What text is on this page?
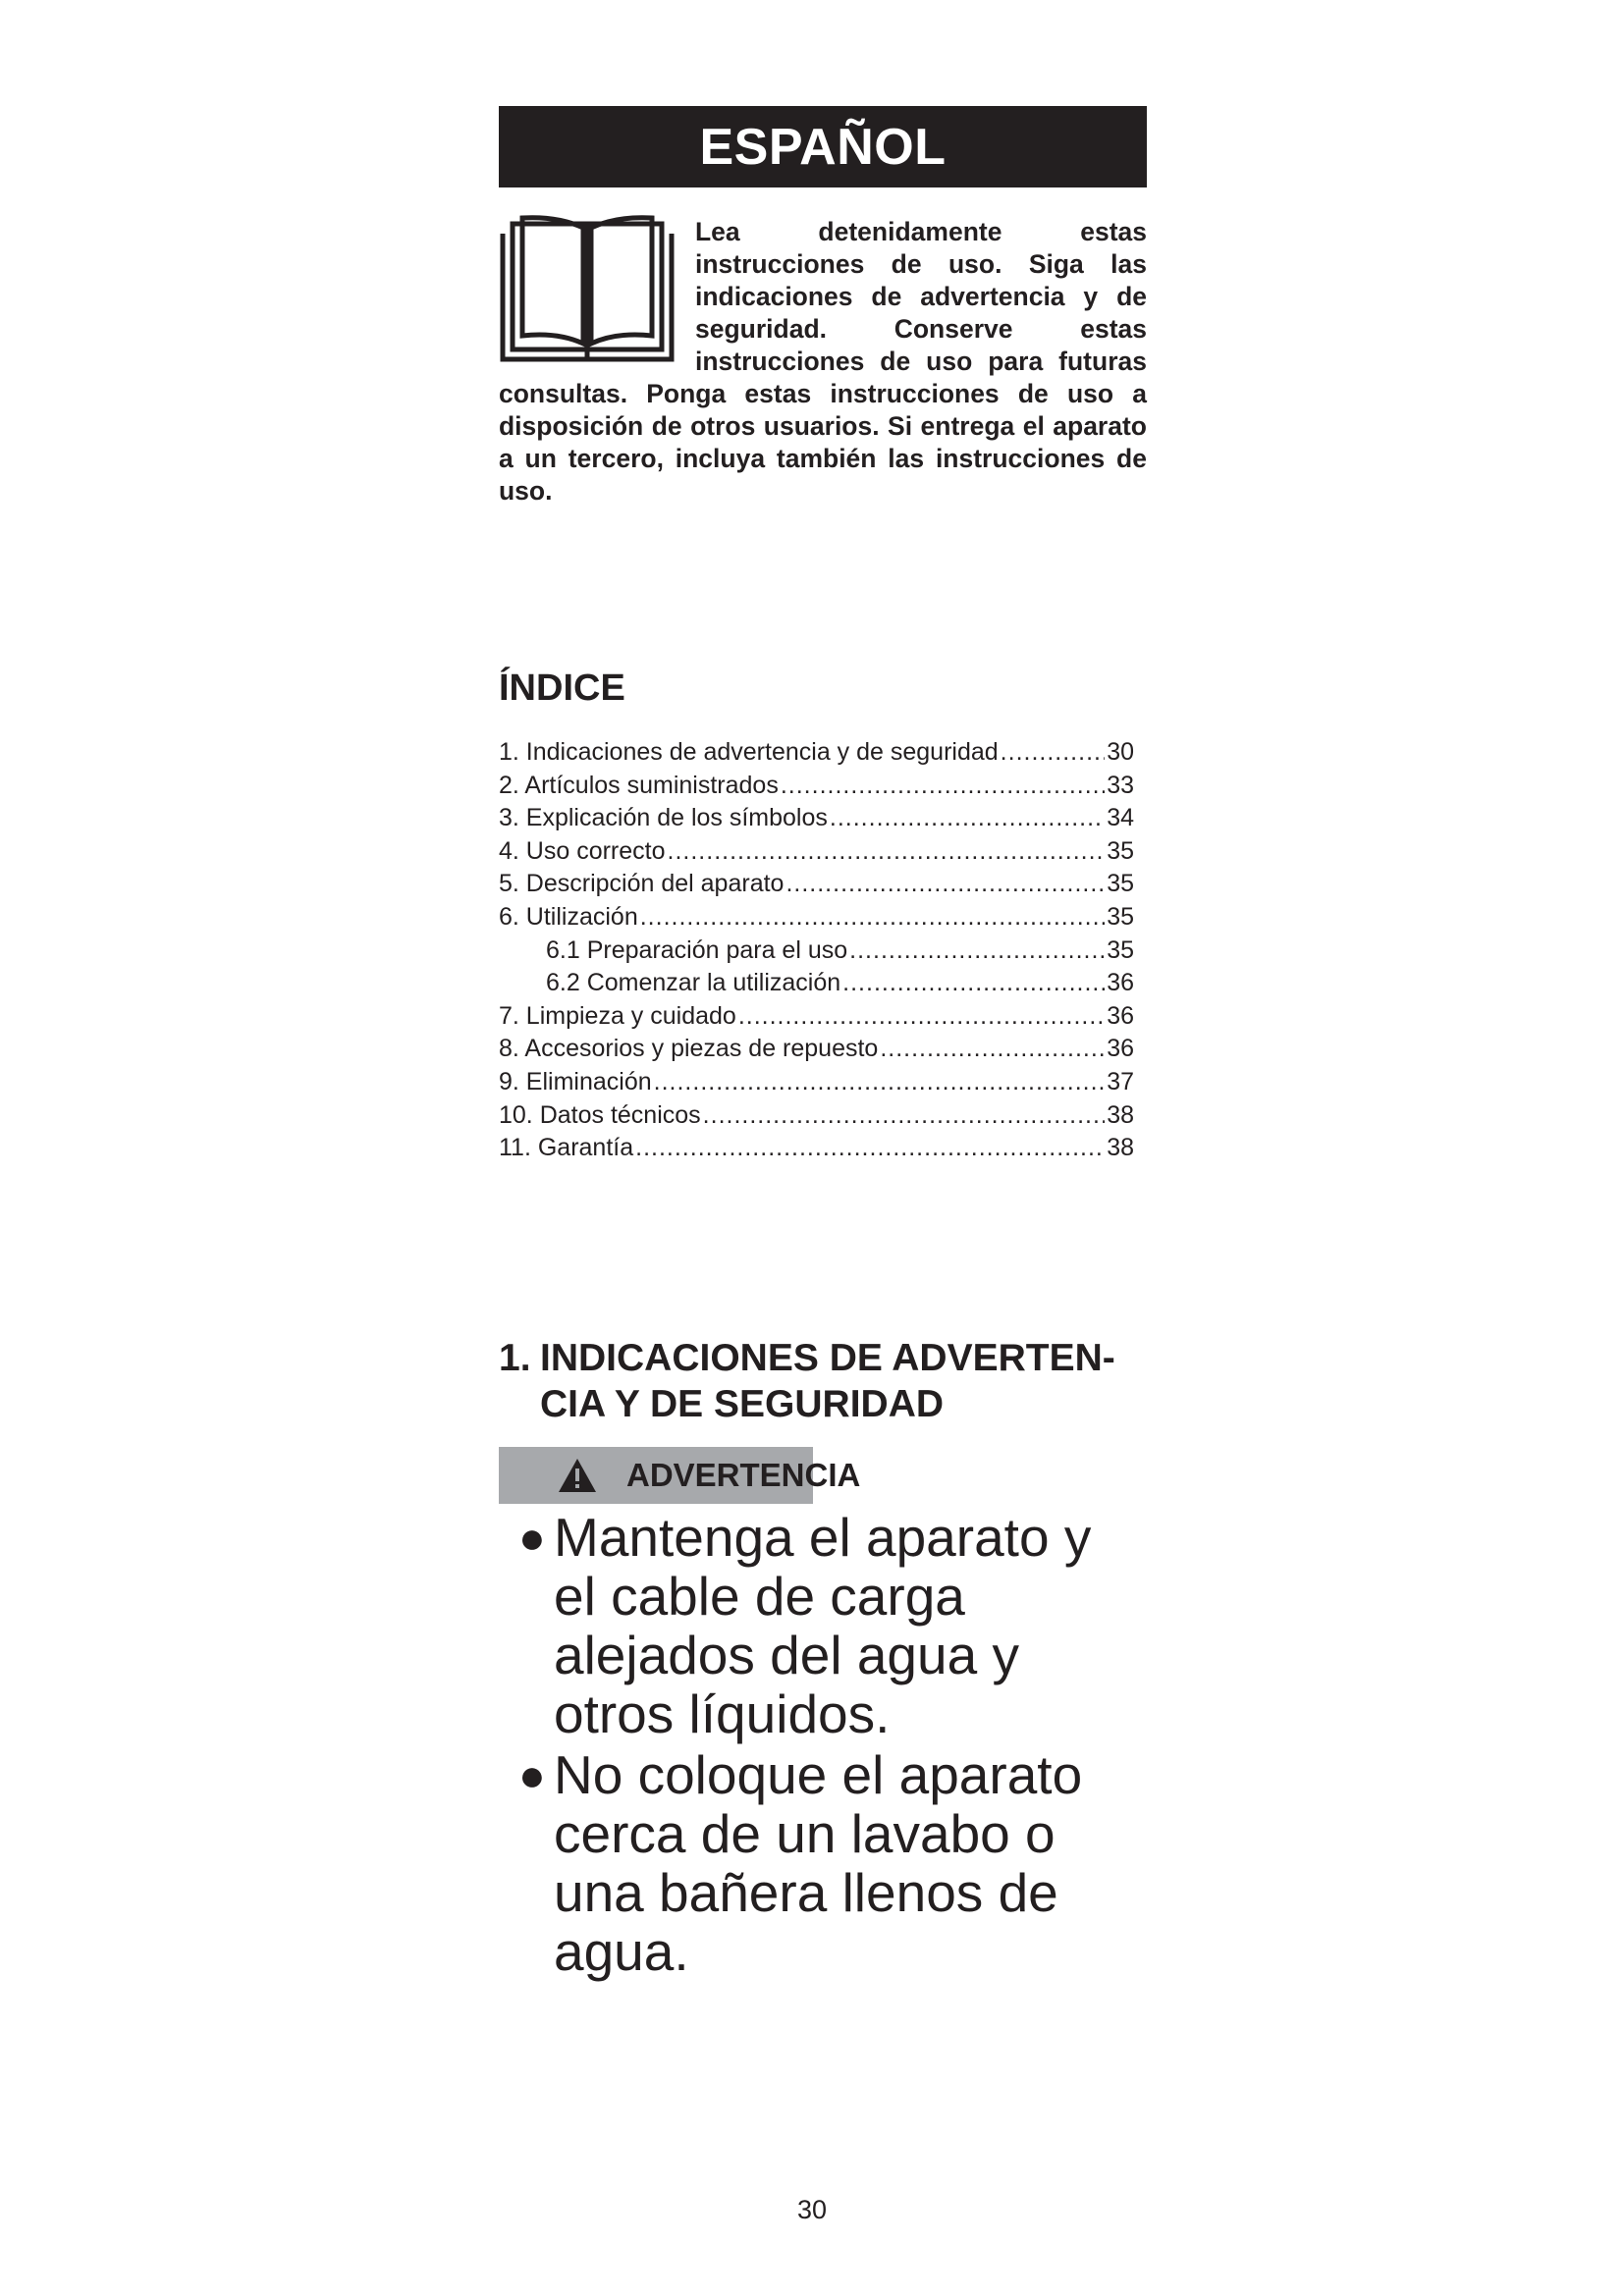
ESPAÑOL

Lea detenidamente estas instrucciones de uso. Siga las indicaciones de advertencia y de seguridad. Conserve estas instrucciones de uso para futuras consultas. Ponga estas instrucciones de uso a disposición de otros usuarios. Si entrega el aparato a un tercero, incluya también las instrucciones de uso.

ÍNDICE
1. Indicaciones de advertencia y de seguridad .....	30
2. Artículos suministrados .....	33
3. Explicación de los símbolos .....	34
4. Uso correcto .....	35
5. Descripción del aparato .....	35
6. Utilización .....	35
6.1 Preparación para el uso .....	35
6.2 Comenzar la utilización .....	36
7. Limpieza y cuidado .....	36
8. Accesorios y piezas de repuesto .....	36
9. Eliminación .....	37
10. Datos técnicos .....	38
11. Garantía .....	38
1. INDICACIONES DE ADVERTEN-
CIA Y DE SEGURIDAD
ADVERTENCIA
● Mantenga el aparato y el cable de carga alejados del agua y otros líquidos.
● No coloque el aparato cerca de un lavabo o una bañera llenos de agua.
30
